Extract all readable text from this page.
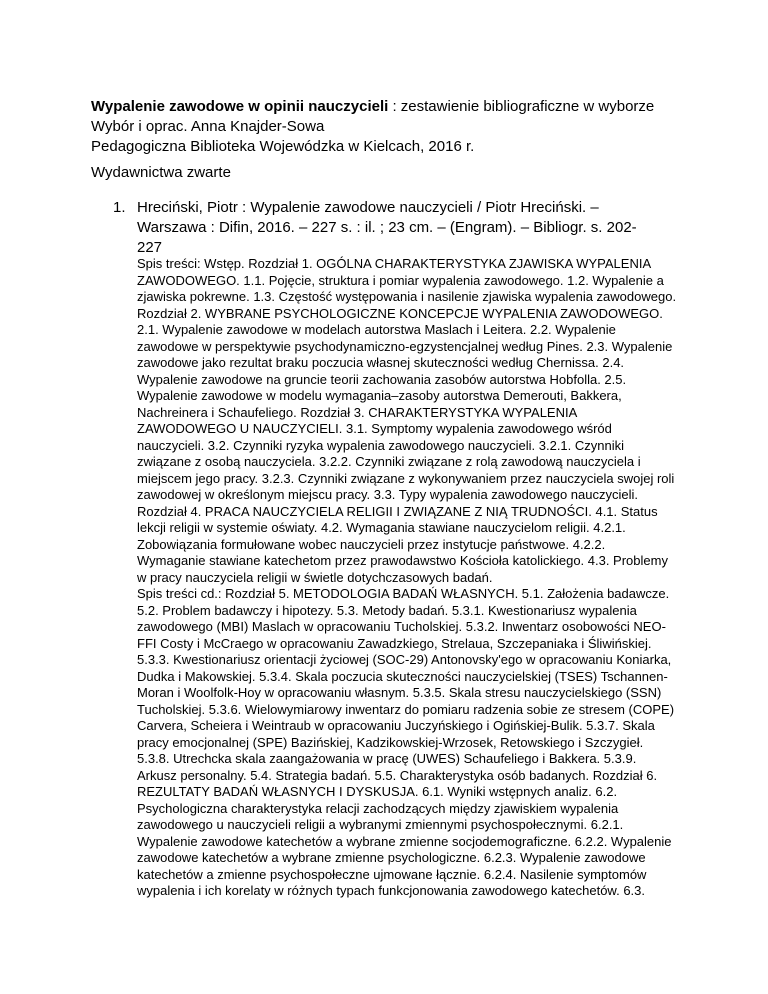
Wypalenie zawodowe w opinii nauczycieli : zestawienie bibliograficzne w wyborze
Wybór i oprac. Anna Knajder-Sowa
Pedagogiczna Biblioteka Wojewódzka w Kielcach, 2016 r.
Wydawnictwa zwarte
1. Hreciński, Piotr : Wypalenie zawodowe nauczycieli / Piotr Hreciński. – Warszawa : Difin, 2016. – 227 s. : il. ; 23 cm. – (Engram). – Bibliogr. s. 202-227

Spis treści: Wstęp. Rozdział 1. OGÓLNA CHARAKTERYSTYKA ZJAWISKA WYPALENIA ZAWODOWEGO. 1.1. Pojęcie, struktura i pomiar wypalenia zawodowego. 1.2. Wypalenie a zjawiska pokrewne. 1.3. Częstość występowania i nasilenie zjawiska wypalenia zawodowego. Rozdział 2. WYBRANE PSYCHOLOGICZNE KONCEPCJE WYPALENIA ZAWODOWEGO. 2.1. Wypalenie zawodowe w modelach autorstwa Maslach i Leitera. 2.2. Wypalenie zawodowe w perspektywie psychodynamiczno-egzystencjalnej według Pines. 2.3. Wypalenie zawodowe jako rezultat braku poczucia własnej skuteczności według Chernissa. 2.4. Wypalenie zawodowe na gruncie teorii zachowania zasobów autorstwa Hobfolla. 2.5. Wypalenie zawodowe w modelu wymagania–zasoby autorstwa Demerouti, Bakkera, Nachreinera i Schaufeliego. Rozdział 3. CHARAKTERYSTYKA WYPALENIA ZAWODOWEGO U NAUCZYCIELI. 3.1. Symptomy wypalenia zawodowego wśród nauczycieli. 3.2. Czynniki ryzyka wypalenia zawodowego nauczycieli. 3.2.1. Czynniki związane z osobą nauczyciela. 3.2.2. Czynniki związane z rolą zawodową nauczyciela i miejscem jego pracy. 3.2.3. Czynniki związane z wykonywaniem przez nauczyciela swojej roli zawodowej w określonym miejscu pracy. 3.3. Typy wypalenia zawodowego nauczycieli. Rozdział 4. PRACA NAUCZYCIELA RELIGII I ZWIĄZANE Z NIĄ TRUDNOŚCI. 4.1. Status lekcji religii w systemie oświaty. 4.2. Wymagania stawiane nauczycielom religii. 4.2.1. Zobowiązania formułowane wobec nauczycieli przez instytucje państwowe. 4.2.2. Wymaganie stawiane katechetom przez prawodawstwo Kościoła katolickiego. 4.3. Problemy w pracy nauczyciela religii w świetle dotychczasowych badań.

Spis treści cd.: Rozdział 5. METODOLOGIA BADAŃ WŁASNYCH. 5.1. Założenia badawcze. 5.2. Problem badawczy i hipotezy. 5.3. Metody badań. 5.3.1. Kwestionariusz wypalenia zawodowego (MBI) Maslach w opracowaniu Tucholskiej. 5.3.2. Inwentarz osobowości NEO-FFI Costy i McCraego w opracowaniu Zawadzkiego, Strelaua, Szczepaniaka i Śliwińskiej. 5.3.3. Kwestionariusz orientacji życiowej (SOC-29) Antonovsky'ego w opracowaniu Koniarka, Dudka i Makowskiej. 5.3.4. Skala poczucia skuteczności nauczycielskiej (TSES) Tschannen-Moran i Woolfolk-Hoy w opracowaniu własnym. 5.3.5. Skala stresu nauczycielskiego (SSN) Tucholskiej. 5.3.6. Wielowymiarowy inwentarz do pomiaru radzenia sobie ze stresem (COPE) Carvera, Scheiera i Weintraub w opracowaniu Juczyńskiego i Ogińskiej-Bulik. 5.3.7. Skala pracy emocjonalnej (SPE) Bazińskiej, Kadzikowskiej-Wrzosek, Retowskiego i Szczygieł. 5.3.8. Utrechcka skala zaangażowania w pracę (UWES) Schaufeliego i Bakkera. 5.3.9. Arkusz personalny. 5.4. Strategia badań. 5.5. Charakterystyka osób badanych. Rozdział 6. REZULTATY BADAŃ WŁASNYCH I DYSKUSJA. 6.1. Wyniki wstępnych analiz. 6.2. Psychologiczna charakterystyka relacji zachodzących między zjawiskiem wypalenia zawodowego u nauczycieli religii a wybranymi zmiennymi psychospołecznymi. 6.2.1. Wypalenie zawodowe katechetów a wybrane zmienne socjodemograficzne. 6.2.2. Wypalenie zawodowe katechetów a wybrane zmienne psychologiczne. 6.2.3. Wypalenie zawodowe katechetów a zmienne psychospołeczne ujmowane łącznie. 6.2.4. Nasilenie symptomów wypalenia i ich korelaty w różnych typach funkcjonowania zawodowego katechetów. 6.3.
